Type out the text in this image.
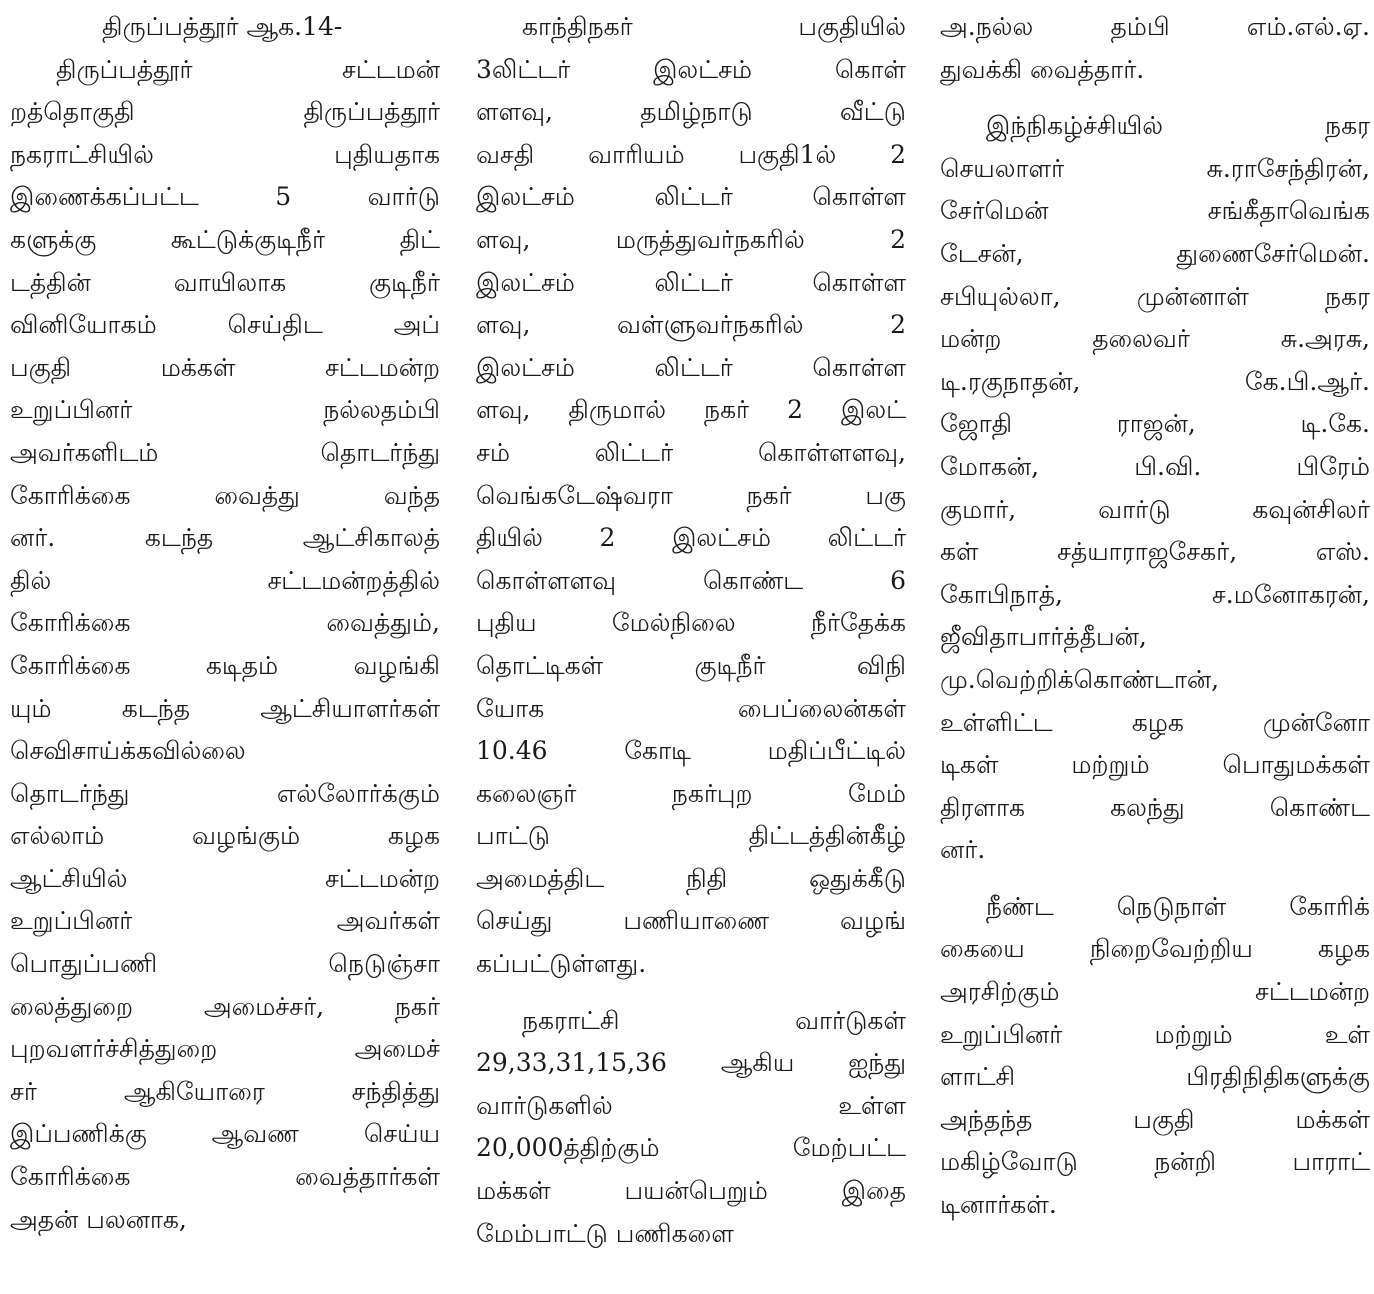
திருப்பத்தூர் ஆக.14-
திருப்பத்தூர் சட்டமன்
றத்தொகுதி திருப்பத்தூர்
நகராட்சியில் புதியதாக
இணைக்கப்பட்ட 5 வார்டு
களுக்கு கூட்டுக்குடிநீர் திட்
டத்தின் வாயிலாக குடிநீர்
வினியோகம் செய்திட அப்
பகுதி மக்கள் சட்டமன்ற
உறுப்பினர் நல்லதம்பி
அவர்களிடம் தொடர்ந்து
கோரிக்கை வைத்து வந்த
னர். கடந்த ஆட்சிகாலத்
தில் சட்டமன்றத்தில்
கோரிக்கை வைத்தும்,
கோரிக்கை கடிதம் வழங்கி
யும் கடந்த ஆட்சியாளர்கள்
செவிசாய்க்கவில்லை
தொடர்ந்து எல்லோர்க்கும்
எல்லாம் வழங்கும் கழக
ஆட்சியில் சட்டமன்ற
உறுப்பினர் அவர்கள்
பொதுப்பணி நெடுஞ்சா
லைத்துறை அமைச்சர், நகர்
புறவளர்ச்சித்துறை அமைச்
சர் ஆகியோரை சந்தித்து
இப்பணிக்கு ஆவண செய்ய
கோரிக்கை வைத்தார்கள்
அதன் பலனாக,
காந்திநகர் பகுதியில்
3லிட்டர் இலட்சம் கொள்
ளளவு, தமிழ்நாடு வீட்டு
வசதி வாரியம் பகுதி1ல் 2
இலட்சம் லிட்டர் கொள்ள
ளவு, மருத்துவர்நகரில் 2
இலட்சம் லிட்டர் கொள்ள
ளவு, வள்ளுவர்நகரில் 2
இலட்சம் லிட்டர் கொள்ள
ளவு, திருமால் நகர் 2 இலட்
சம் லிட்டர் கொள்ளளவு,
வெங்கடேஷ்வரா நகர் பகு
தியில் 2 இலட்சம் லிட்டர்
கொள்ளளவு கொண்ட 6
புதிய மேல்நிலை நீர்தேக்க
தொட்டிகள் குடிநீர் விநி
யோக பைப்லைன்கள்
10.46 கோடி மதிப்பீட்டில்
கலைஞர் நகர்புற மேம்
பாட்டு திட்டத்தின்கீழ்
அமைத்திட நிதி ஒதுக்கீடு
செய்து பணியாணை வழங்
கப்பட்டுள்ளது.
நகராட்சி வார்டுகள்
29,33,31,15,36 ஆகிய ஐந்து
வார்டுகளில் உள்ள
20,000த்திற்கும் மேற்பட்ட
மக்கள் பயன்பெறும் இதை
மேம்பாட்டு பணிகளை
அ.நல்ல தம்பி எம்.எல்.ஏ.
துவக்கி வைத்தார்.
இந்நிகழ்ச்சியில் நகர
செயலாளர் சு.ராசேந்திரன்,
சேர்மென் சங்கீதாவெங்க
டேசன், துணைசேர்மென்.
சபியுல்லா, முன்னாள் நகர
மன்ற தலைவர் சு.அரசு,
டி.ரகுநாதன், கே.பி.ஆர்.
ஜோதி ராஜன், டி.கே.
மோகன், பி.வி. பிரேம்
குமார், வார்டு கவுன்சிலர்
கள் சத்யாராஜசேகர், எஸ்.
கோபிநாத், ச.மனோகரன்,
ஜீவிதாபார்த்தீபன்,
மு.வெற்றிக்கொண்டான்,
உள்ளிட்ட கழக முன்னோ
டிகள் மற்றும் பொதுமக்கள்
திரளாக கலந்து கொண்ட
னர்.
நீண்ட நெடுநாள் கோரிக்
கையை நிறைவேற்றிய கழக
அரசிற்கும் சட்டமன்ற
உறுப்பினர் மற்றும் உள்
ளாட்சி பிரதிநிதிகளுக்கு
அந்தந்த பகுதி மக்கள்
மகிழ்வோடு நன்றி பாராட்
டினார்கள்.
